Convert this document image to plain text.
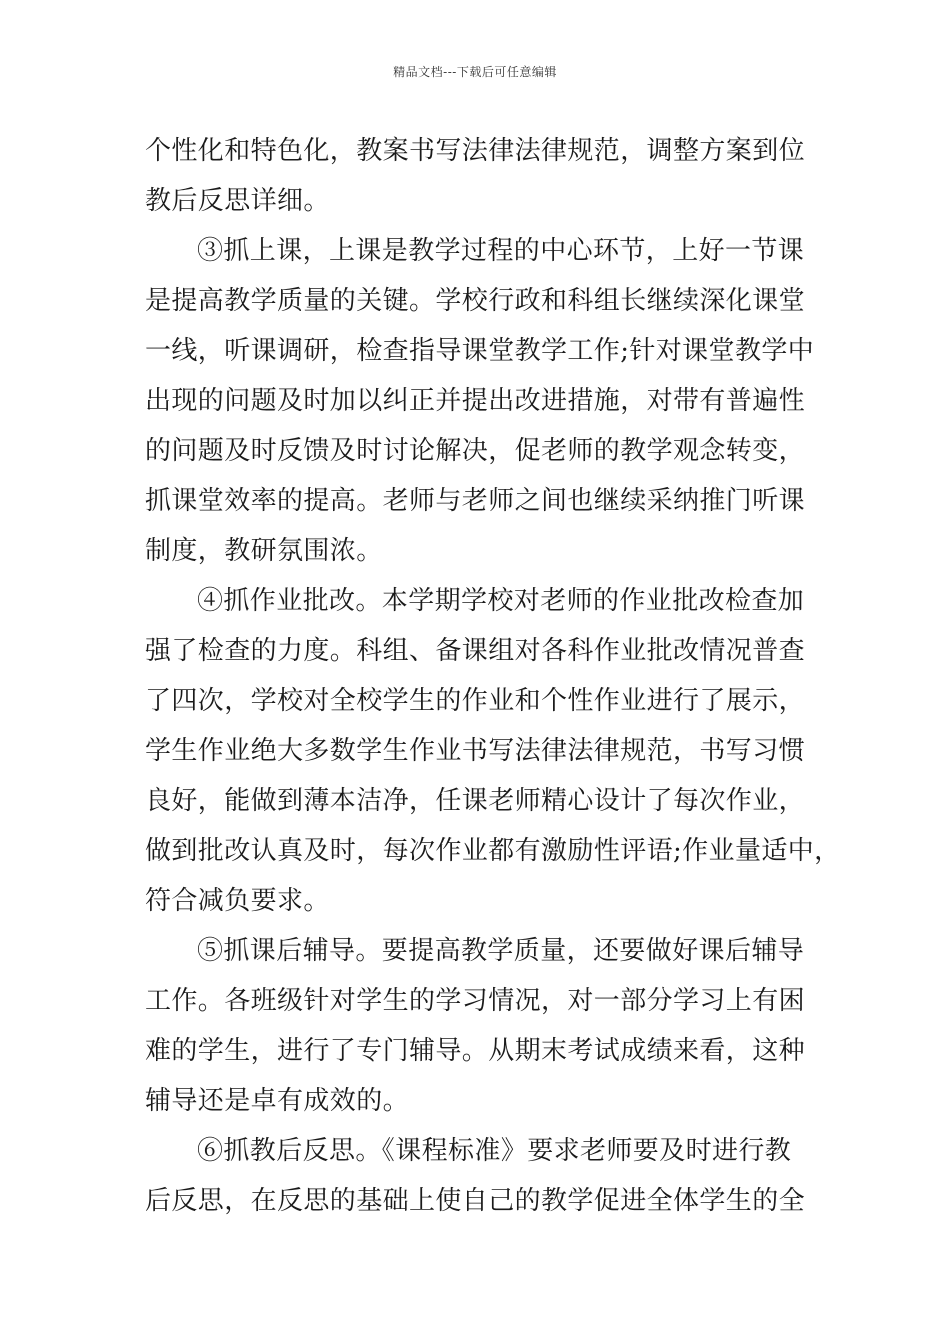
精品文档---下载后可任意编辑
个性化和特色化，教案书写法律法律规范，调整方案到位
教后反思详细。
③抓上课，上课是教学过程的中心环节，上好一节课
是提高教学质量的关键。学校行政和科组长继续深化课堂
一线，听课调研，检查指导课堂教学工作;针对课堂教学中
出现的问题及时加以纠正并提出改进措施，对带有普遍性
的问题及时反馈及时讨论解决，促老师的教学观念转变，
抓课堂效率的提高。老师与老师之间也继续采纳推门听课
制度，教研氛围浓。
④抓作业批改。本学期学校对老师的作业批改检查加
强了检查的力度。科组、备课组对各科作业批改情况普查
了四次，学校对全校学生的作业和个性作业进行了展示，
学生作业绝大多数学生作业书写法律法律规范，书写习惯
良好，能做到薄本洁净，任课老师精心设计了每次作业，
做到批改认真及时，每次作业都有激励性评语;作业量适中，
符合减负要求。
⑤抓课后辅导。要提高教学质量，还要做好课后辅导
工作。各班级针对学生的学习情况，对一部分学习上有困
难的学生，进行了专门辅导。从期末考试成绩来看，这种
辅导还是卓有成效的。
⑥抓教后反思。《课程标准》要求老师要及时进行教
后反思，在反思的基础上使自己的教学促进全体学生的全
